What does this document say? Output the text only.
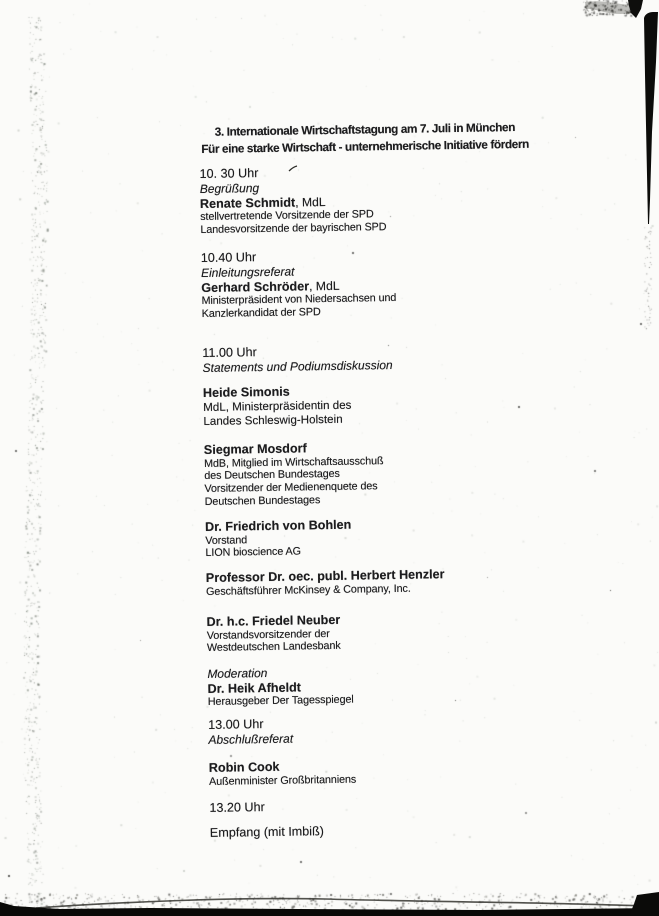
3. Internationale Wirtschaftstagung am 7. Juli in München
Für eine starke Wirtschaft - unternehmerische Initiative fördern
10. 30 Uhr
Begrüßung
Renate Schmidt, MdL
stellvertretende Vorsitzende der SPD
Landesvorsitzende der bayrischen SPD
10.40 Uhr
Einleitungsreferat
Gerhard Schröder, MdL
Ministerpräsident von Niedersachsen und
Kanzlerkandidat der SPD
11.00 Uhr
Statements und Podiumsdiskussion
Heide Simonis
MdL, Ministerpräsidentin des
Landes Schleswig-Holstein
Siegmar Mosdorf
MdB, Mitglied im Wirtschaftsausschuß
des Deutschen Bundestages
Vorsitzender der Medienenquete des
Deutschen Bundestages
Dr. Friedrich von Bohlen
Vorstand
LION bioscience AG
Professor Dr. oec. publ. Herbert Henzler
Geschäftsführer McKinsey & Company, Inc.
Dr. h.c. Friedel Neuber
Vorstandsvorsitzender der
Westdeutschen Landesbank
Moderation
Dr. Heik Afheldt
Herausgeber Der Tagesspiegel
13.00 Uhr
Abschlußreferat
Robin Cook
Außenminister Großbritanniens
13.20 Uhr
Empfang (mit Imbiß)
